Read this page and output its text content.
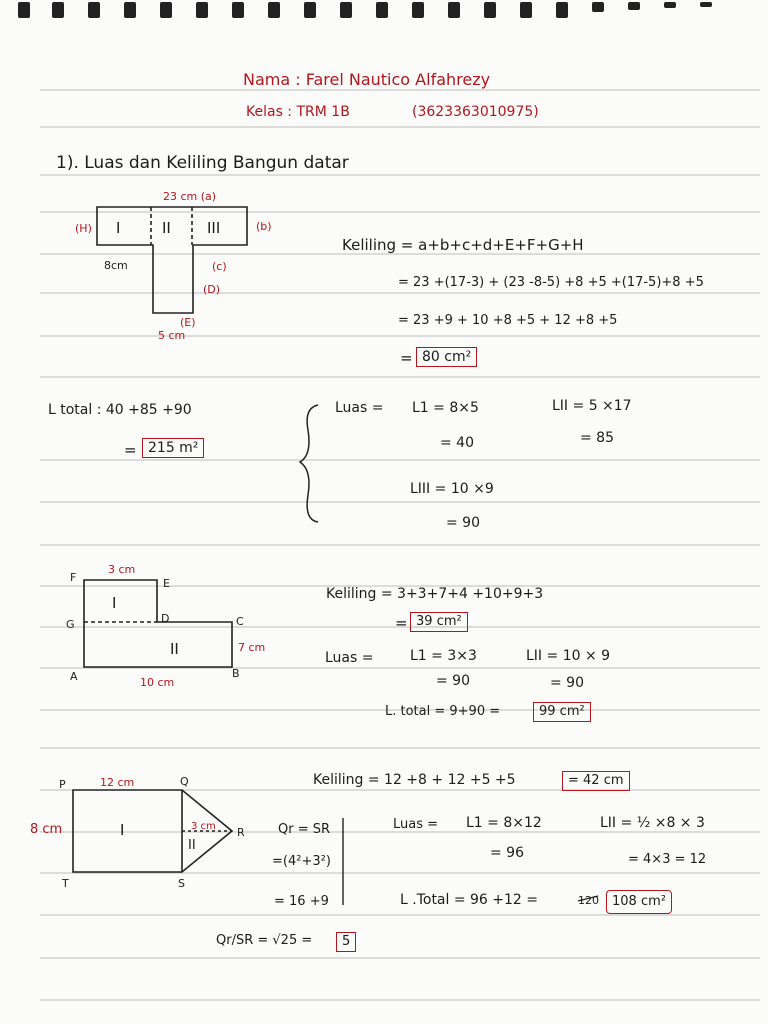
Nama : Farel Nautico Alfahrezy
Kelas : TRM 1B	(3623363010975)
1). Luas dan Keliling Bangun datar
23 cm (a)
(H)	(b)
I	II III
8cm	(c)
(D)
(E)
5 cm
Keliling = a+b+c+d+E+F+G+H
= 23 +(17-3) + (23 -8-5) +8 +5 +(17-5)+8 +5
= 23 +9 + 10 +8 +5 + 12 +8 +5
= 80 cm²
L total : 40 +85 +90
= 215 m²
Luas = L1 = 8×5
= 40
LII = 5 ×17
= 85
LIII = 10 ×9
= 90
3 cm
F	E
G	D	C
A	B
I
II	7 cm
10 cm
Keliling = 3+3+7+4 +10+9+3
= 39 cm²
Luas =	L1 = 3×3
= 90
LII = 10 × 9
= 90
L. total = 9+90 =	99 cm²
P	Q
R
S
T
12 cm
8 cm	3 cm
I
II
Keliling = 12 +8 + 12 +5 +5	= 42 cm
Qr = SR
=(4²+3²)
= 16 +9
Qr/SR = √25 =	5
Luas = L1 = 8×12
= 96
LII = ½ ×8 × 3
= 4×3 = 12
L .Total = 96 +12 =	120	108 cm²
